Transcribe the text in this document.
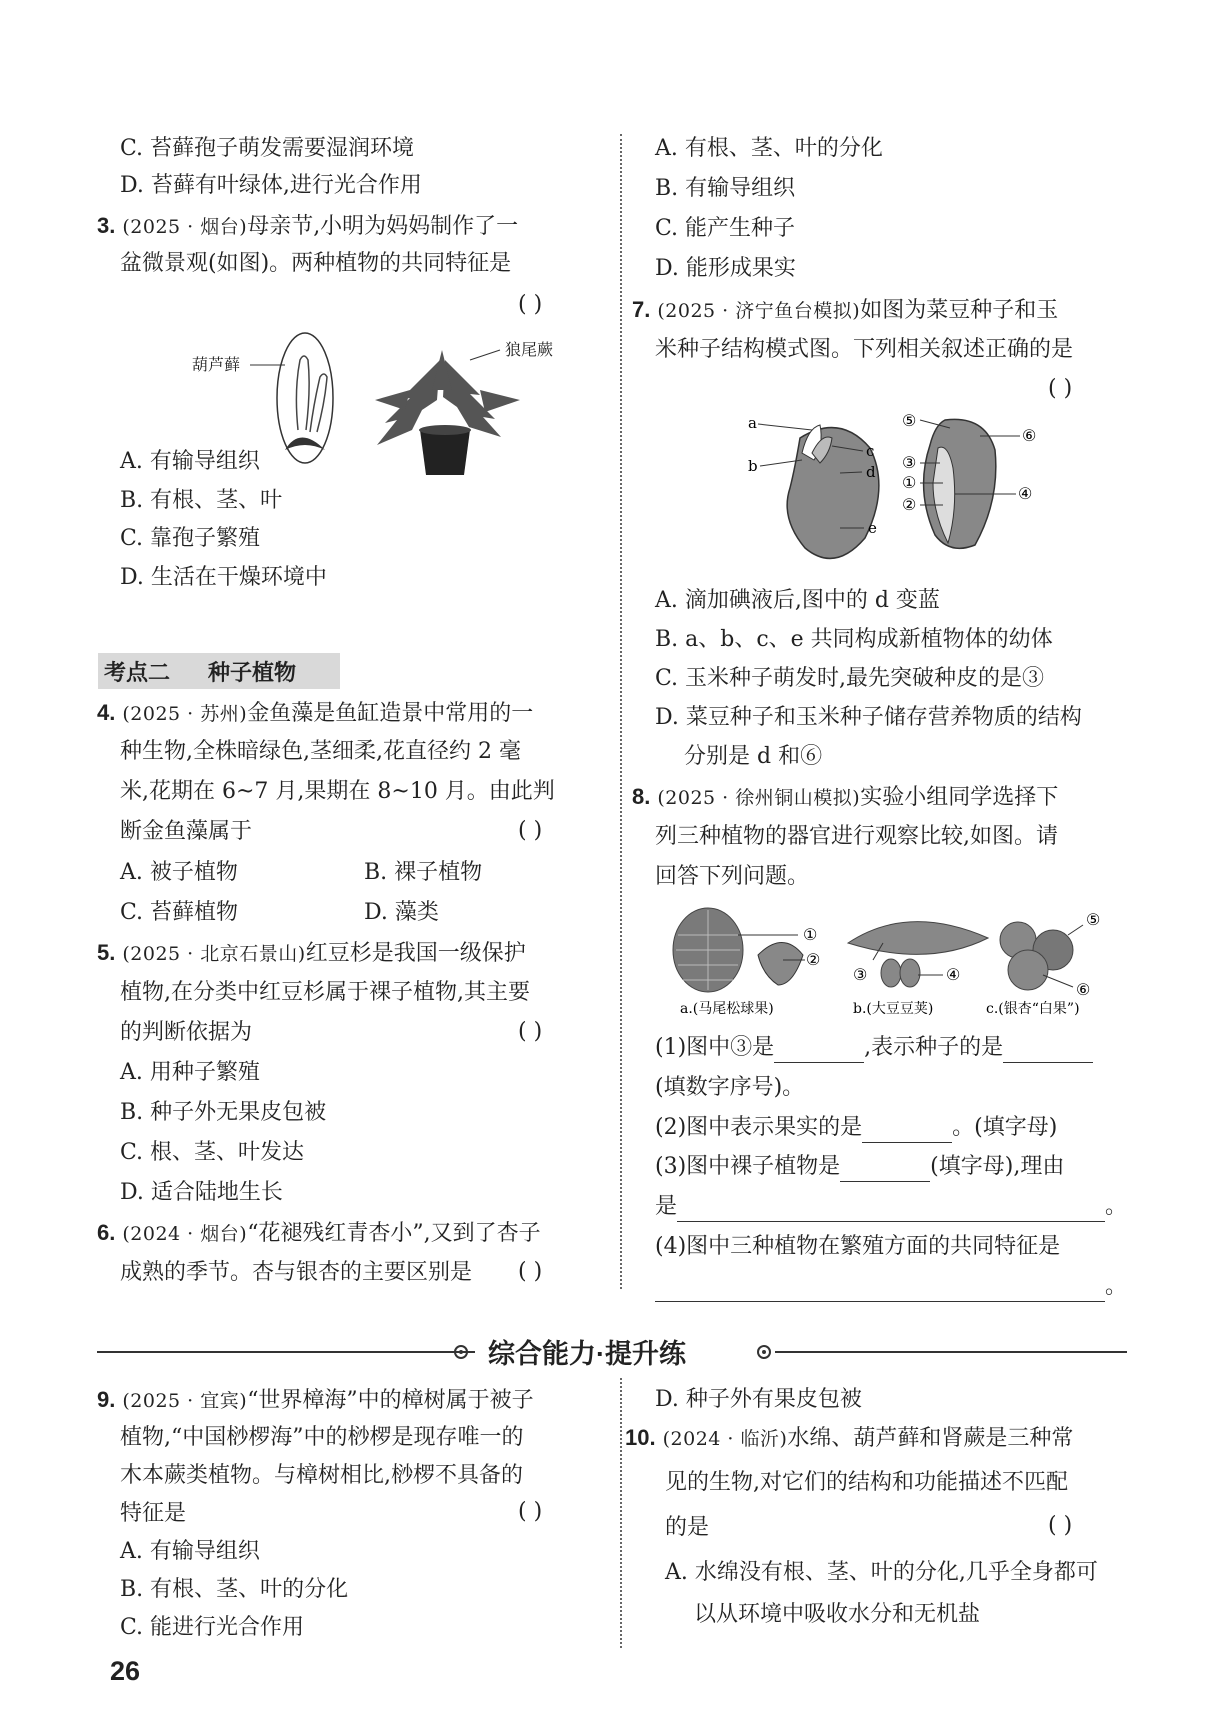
C. 苔藓孢子萌发需要湿润环境
D. 苔藓有叶绿体,进行光合作用
3. (2025 · 烟台)母亲节,小明为妈妈制作了一
盆微景观(如图)。两种植物的共同特征是
( )
葫芦藓
狼尾蕨
A. 有输导组织
B. 有根、茎、叶
C. 靠孢子繁殖
D. 生活在干燥环境中
考点二 种子植物
4. (2025 · 苏州)金鱼藻是鱼缸造景中常用的一
种生物,全株暗绿色,茎细柔,花直径约 2 毫
米,花期在 6~7 月,果期在 8~10 月。由此判
断金鱼藻属于	( )
A. 被子植物	B. 裸子植物
C. 苔藓植物	D. 藻类
5. (2025 · 北京石景山)红豆杉是我国一级保护
植物,在分类中红豆杉属于裸子植物,其主要
的判断依据为	( )
A. 用种子繁殖
B. 种子外无果皮包被
C. 根、茎、叶发达
D. 适合陆地生长
6. (2024 · 烟台)“花褪残红青杏小”,又到了杏子
成熟的季节。杏与银杏的主要区别是 ( )
A. 有根、茎、叶的分化
B. 有输导组织
C. 能产生种子
D. 能形成果实
7. (2025 · 济宁鱼台模拟)如图为菜豆种子和玉
米种子结构模式图。下列相关叙述正确的是
( )
a
b
c
d
e
⑤
⑥
③
①
②
④
A. 滴加碘液后,图中的 d 变蓝
B. a、b、c、e 共同构成新植物体的幼体
C. 玉米种子萌发时,最先突破种皮的是③
D. 菜豆种子和玉米种子储存营养物质的结构
分别是 d 和⑥
8. (2025 · 徐州铜山模拟)实验小组同学选择下
列三种植物的器官进行观察比较,如图。请
回答下列问题。
①
②
③	④
⑤
⑥
a.(马尾松球果)	b.(大豆豆荚)	c.(银杏“白果”)
(1)图中③是	,表示种子的是
(填数字序号)。
(2)图中表示果实的是	。(填字母)
(3)图中裸子植物是	(填字母),理由
是	。
(4)图中三种植物在繁殖方面的共同特征是
。
综合能力·提升练
9. (2025 · 宜宾)“世界樟海”中的樟树属于被子
植物,“中国桫椤海”中的桫椤是现存唯一的
木本蕨类植物。与樟树相比,桫椤不具备的
特征是	( )
A. 有输导组织
B. 有根、茎、叶的分化
C. 能进行光合作用
D. 种子外有果皮包被
10. (2024 · 临沂)水绵、葫芦藓和肾蕨是三种常
见的生物,对它们的结构和功能描述不匹配
的是	( )
A. 水绵没有根、茎、叶的分化,几乎全身都可
以从环境中吸收水分和无机盐
26
